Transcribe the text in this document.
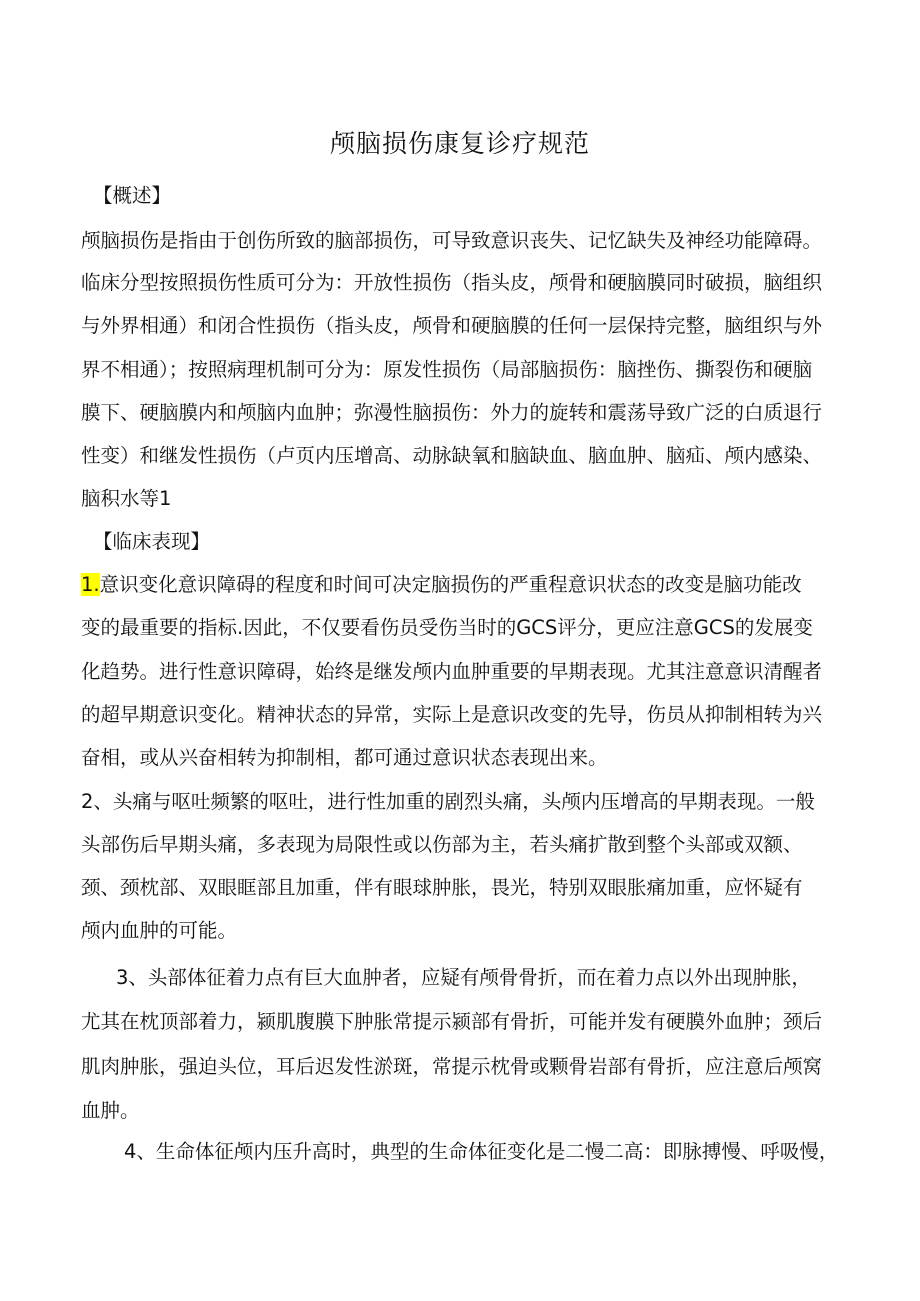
颅脑损伤康复诊疗规范
【概述】
颅脑损伤是指由于创伤所致的脑部损伤，可导致意识丧失、记忆缺失及神经功能障碍。
临床分型按照损伤性质可分为：开放性损伤（指头皮，颅骨和硬脑膜同时破损，脑组织
与外界相通）和闭合性损伤（指头皮，颅骨和硬脑膜的任何一层保持完整，脑组织与外
界不相通）；按照病理机制可分为：原发性损伤（局部脑损伤：脑挫伤、撕裂伤和硬脑
膜下、硬脑膜内和颅脑内血肿；弥漫性脑损伤：外力的旋转和震荡导致广泛的白质退行
性变）和继发性损伤（卢页内压增高、动脉缺氧和脑缺血、脑血肿、脑疝、颅内感染、
脑积水等1
【临床表现】
1.意识变化意识障碍的程度和时间可决定脑损伤的严重程意识状态的改变是脑功能改
变的最重要的指标.因此，不仅要看伤员受伤当时的GCS评分，更应注意GCS的发展变
化趋势。进行性意识障碍，始终是继发颅内血肿重要的早期表现。尤其注意意识清醒者
的超早期意识变化。精神状态的异常，实际上是意识改变的先导，伤员从抑制相转为兴
奋相，或从兴奋相转为抑制相，都可通过意识状态表现出来。
2、头痛与呕吐频繁的呕吐，进行性加重的剧烈头痛，头颅内压增高的早期表现。一般
头部伤后早期头痛，多表现为局限性或以伤部为主，若头痛扩散到整个头部或双额、
颈、颈枕部、双眼眶部且加重，伴有眼球肿胀，畏光，特别双眼胀痛加重，应怀疑有
颅内血肿的可能。
3、头部体征着力点有巨大血肿者，应疑有颅骨骨折，而在着力点以外出现肿胀，
尤其在枕顶部着力，颍肌腹膜下肿胀常提示颍部有骨折，可能并发有硬膜外血肿；颈后
肌肉肿胀，强迫头位，耳后迟发性淤斑，常提示枕骨或颗骨岩部有骨折，应注意后颅窝
血肿。
4、生命体征颅内压升高时，典型的生命体征变化是二慢二高：即脉搏慢、呼吸慢，
